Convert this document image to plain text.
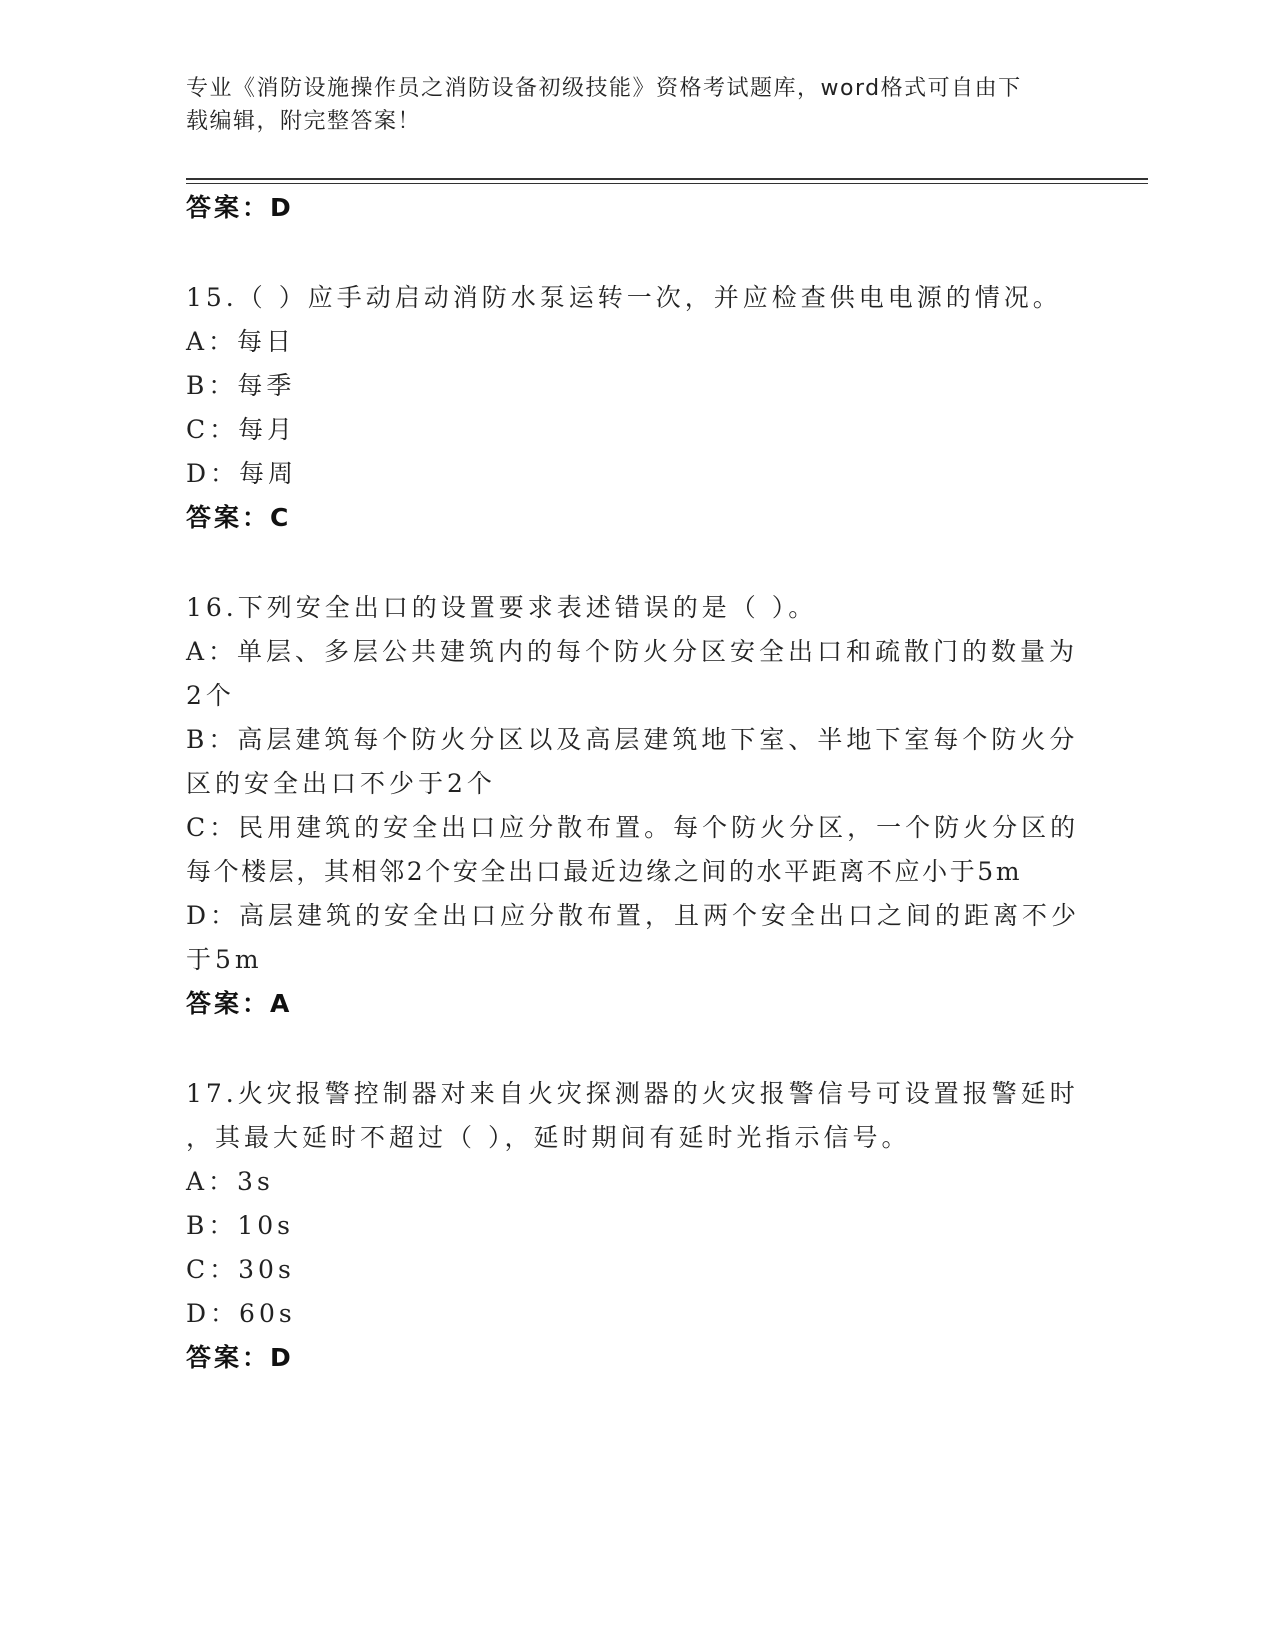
专业《消防设施操作员之消防设备初级技能》资格考试题库，word格式可自由下
载编辑，附完整答案！
答案：D
15.（ ）应手动启动消防水泵运转一次，并应检查供电电源的情况。
A：每日
B：每季
C：每月
D：每周
答案：C
16.下列安全出口的设置要求表述错误的是（ ）。
A：单层、多层公共建筑内的每个防火分区安全出口和疏散门的数量为
2个
B：高层建筑每个防火分区以及高层建筑地下室、半地下室每个防火分
区的安全出口不少于2个
C：民用建筑的安全出口应分散布置。每个防火分区，一个防火分区的
每个楼层，其相邻2个安全出口最近边缘之间的水平距离不应小于5m
D：高层建筑的安全出口应分散布置，且两个安全出口之间的距离不少
于5m
答案：A
17.火灾报警控制器对来自火灾探测器的火灾报警信号可设置报警延时
，其最大延时不超过（ ），延时期间有延时光指示信号。
A：3s
B：10s
C：30s
D：60s
答案：D
